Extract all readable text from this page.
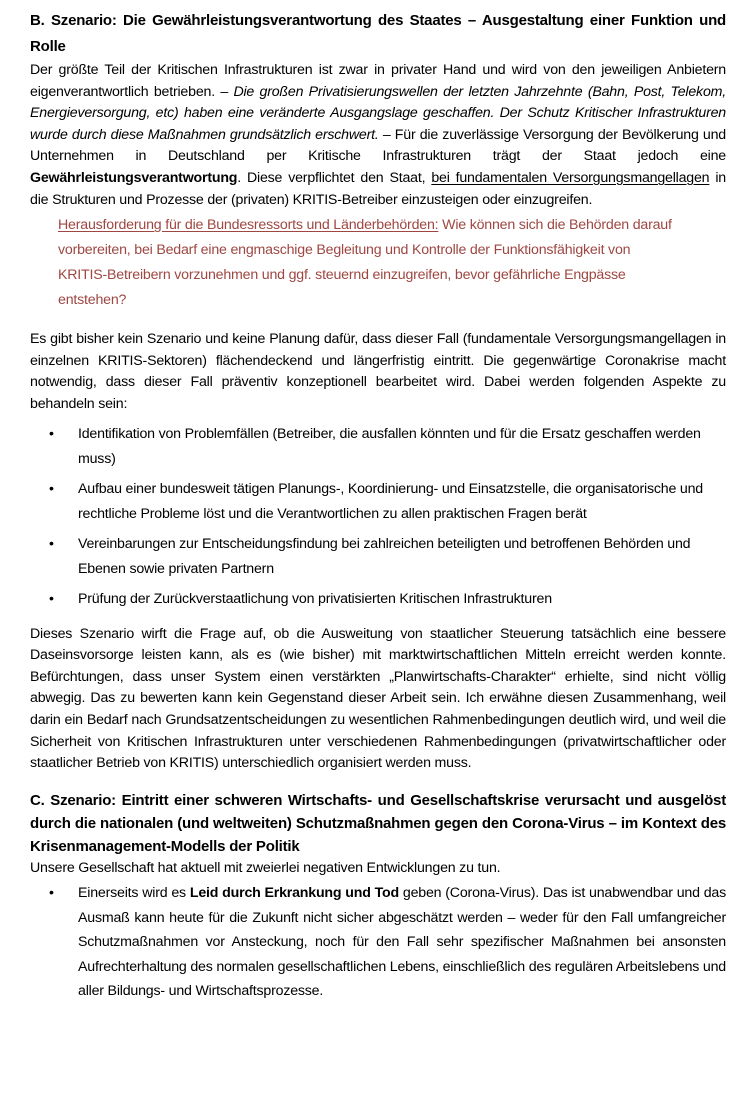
B. Szenario: Die Gewährleistungsverantwortung des Staates – Ausgestaltung einer Funktion und Rolle

Der größte Teil der Kritischen Infrastrukturen ist zwar in privater Hand und wird von den jeweiligen Anbietern eigenverantwortlich betrieben. – Die großen Privatisierungswellen der letzten Jahrzehnte (Bahn, Post, Telekom, Energieversorgung, etc) haben eine veränderte Ausgangslage geschaffen. Der Schutz Kritischer Infrastrukturen wurde durch diese Maßnahmen grundsätzlich erschwert. – Für die zuverlässige Versorgung der Bevölkerung und Unternehmen in Deutschland per Kritische Infrastrukturen trägt der Staat jedoch eine Gewährleistungsverantwortung. Diese verpflichtet den Staat, bei fundamentalen Versorgungsmangellagen in die Strukturen und Prozesse der (privaten) KRITIS-Betreiber einzusteigen oder einzugreifen.

Herausforderung für die Bundesressorts und Länderbehörden: Wie können sich die Behörden darauf vorbereiten, bei Bedarf eine engmaschige Begleitung und Kontrolle der Funktionsfähigkeit von KRITIS-Betreibern vorzunehmen und ggf. steuernd einzugreifen, bevor gefährliche Engpässe entstehen?

Es gibt bisher kein Szenario und keine Planung dafür, dass dieser Fall (fundamentale Versorgungsmangellagen in einzelnen KRITIS-Sektoren) flächendeckend und längerfristig eintritt. Die gegenwärtige Coronakrise macht notwendig, dass dieser Fall präventiv konzeptionell bearbeitet wird. Dabei werden folgenden Aspekte zu behandeln sein:

• Identifikation von Problemfällen (Betreiber, die ausfallen könnten und für die Ersatz geschaffen werden muss)
• Aufbau einer bundesweit tätigen Planungs-, Koordinierung- und Einsatzstelle, die organisatorische und rechtliche Probleme löst und die Verantwortlichen zu allen praktischen Fragen berät
• Vereinbarungen zur Entscheidungsfindung bei zahlreichen beteiligten und betroffenen Behörden und Ebenen sowie privaten Partnern
• Prüfung der Zurückverstaatlichung von privatisierten Kritischen Infrastrukturen

Dieses Szenario wirft die Frage auf, ob die Ausweitung von staatlicher Steuerung tatsächlich eine bessere Daseinsvorsorge leisten kann, als es (wie bisher) mit marktwirtschaftlichen Mitteln erreicht werden konnte. Befürchtungen, dass unser System einen verstärkten „Planwirtschafts-Charakter“ erhielte, sind nicht völlig abwegig. Das zu bewerten kann kein Gegenstand dieser Arbeit sein. Ich erwähne diesen Zusammenhang, weil darin ein Bedarf nach Grundsatzentscheidungen zu wesentlichen Rahmenbedingungen deutlich wird, und weil die Sicherheit von Kritischen Infrastrukturen unter verschiedenen Rahmenbedingungen (privatwirtschaftlicher oder staatlicher Betrieb von KRITIS) unterschiedlich organisiert werden muss.

C. Szenario: Eintritt einer schweren Wirtschafts- und Gesellschaftskrise verursacht und ausgelöst durch die nationalen (und weltweiten) Schutzmaßnahmen gegen den Corona-Virus – im Kontext des Krisenmanagement-Modells der Politik

Unsere Gesellschaft hat aktuell mit zweierlei negativen Entwicklungen zu tun.

• Einerseits wird es Leid durch Erkrankung und Tod geben (Corona-Virus). Das ist unabwendbar und das Ausmaß kann heute für die Zukunft nicht sicher abgeschätzt werden – weder für den Fall umfangreicher Schutzmaßnahmen vor Ansteckung, noch für den Fall sehr spezifischer Maßnahmen bei ansonsten Aufrechterhaltung des normalen gesellschaftlichen Lebens, einschließlich des regulären Arbeitslebens und aller Bildungs- und Wirtschaftsprozesse.
